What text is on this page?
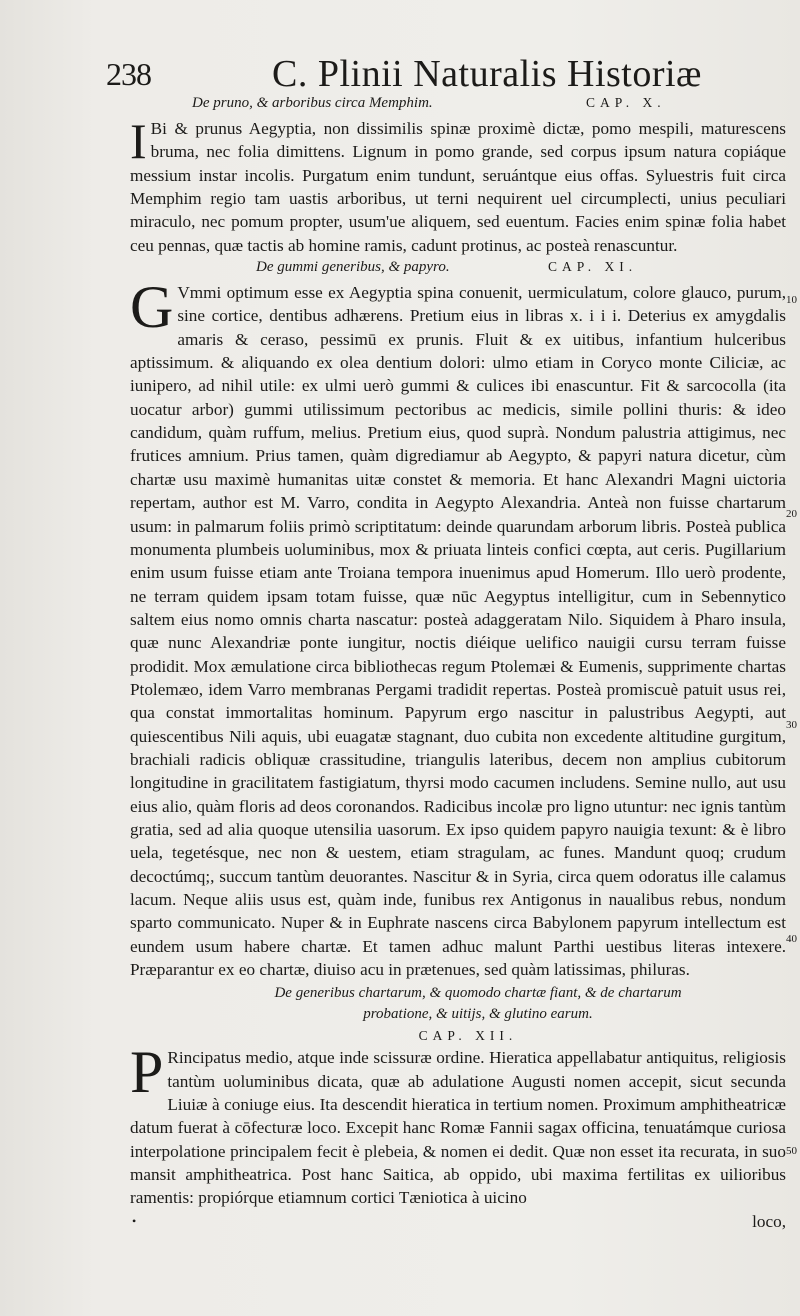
238	C. Plinii Naturalis Historiæ
De pruno, & arboribus circa Memphim.	CAP. X.
I Bi & prunus Aegyptia, non dissimilis spinæ proximè dictæ, pomo mespili, maturescens bruma, nec folia dimittens. Lignum in pomo grande, sed corpus ipsum natura copiáque messium instar incolis. Purgatum enim tundunt, seruántque eius offas. Syluestris fuit circa Memphim regio tam uastis arboribus, ut terni nequirent uel circumplecti, unius peculiari miraculo, nec pomum propter, usum'ue aliquem, sed euentum. Facies enim spinæ folia habet ceu pennas, quæ tactis ab homine ramis, cadunt protinus, ac posteà renascuntur.

De gummi generibus, & papyro.	CAP. XI.
G Vmmi optimum esse ex Aegyptia spina conuenit, uermiculatum, colore glauco, purum, sine cortice, dentibus adhærens. Pretium eius in libras x. i i i. Deterius ex amygdalis amaris & ceraso, pessimū ex prunis. Fluit & ex uitibus, infantium hulceribus aptissimum. & aliquando ex olea dentium dolori: ulmo etiam in Coryco monte Ciliciæ, ac iunipero, ad nihil utile: ex ulmi uerò gummi & culices ibi enascuntur. Fit & sarcocolla (ita uocatur arbor) gummi utilissimum pectoribus ac medicis, simile pollini thuris: & ideo candidum, quàm ruffum, melius. Pretium eius, quod suprà. Nondum palustria attigimus, nec frutices amnium. Prius tamen, quàm digrediamur ab Aegypto, & papyri natura dicetur, cùm chartæ usu maximè humanitas uitæ constet & memoria. Et hanc Alexandri Magni uictoria repertam, author est M. Varro, condita in Aegypto Alexandria. Anteà non fuisse chartarum usum: in palmarum foliis primò scriptitatum: deinde quarundam arborum libris. Posteà publica monumenta plumbeis uoluminibus, mox & priuata linteis confici cœpta, aut ceris. Pugillarium enim usum fuisse etiam ante Troiana tempora inuenimus apud Homerum. Illo uerò prodente, ne terram quidem ipsam totam fuisse, quæ nūc Aegyptus intelligitur, cum in Sebennytico saltem eius nomo omnis charta nascatur: posteà adaggeratam Nilo. Siquidem à Pharo insula, quæ nunc Alexandriæ ponte iungitur, noctis diéique uelifico nauigii cursu terram fuisse prodidit. Mox æmulatione circa bibliothecas regum Ptolemæi & Eumenis, supprimente chartas Ptolemæo, idem Varro membranas Pergami tradidit repertas. Posteà promiscuè patuit usus rei, qua constat immortalitas hominum. Papyrum ergo nascitur in palustribus Aegypti, aut quiescentibus Nili aquis, ubi euagatæ stagnant, duo cubita non excedente altitudine gurgitum, brachiali radicis obliquæ crassitudine, triangulis lateribus, decem non amplius cubitorum longitudine in gracilitatem fastigiatum, thyrsi modo cacumen includens. Semine nullo, aut usu eius alio, quàm floris ad deos coronandos. Radicibus incolæ pro ligno utuntur: nec ignis tantùm gratia, sed ad alia quoque utensilia uasorum. Ex ipso quidem papyro nauigia texunt: & è libro uela, tegetésque, nec non & uestem, etiam stragulam, ac funes. Mandunt quoq; crudum decoctúmq;, succum tantùm deuorantes. Nascitur & in Syria, circa quem odoratus ille calamus lacum. Neque aliis usus est, quàm inde, funibus rex Antigonus in naualibus rebus, nondum sparto communicato. Nuper & in Euphrate nascens circa Babylonem papyrum intellectum est eundem usum habere chartæ. Et tamen adhuc malunt Parthi uestibus literas intexere. Præparantur ex eo chartæ, diuiso acu in prætenues, sed quàm latissimas, philuras.

De generibus chartarum, & quomodo chartæ fiant, & de chartarum
probatione, & uitijs, & glutino earum.
CAP. XII.
P Rincipatus medio, atque inde scissuræ ordine. Hieratica appellabatur antiquitus, religiosis tantùm uoluminibus dicata, quæ ab adulatione Augusti nomen accepit, sicut secunda Liuiæ à coniuge eius. Ita descendit hieratica in tertium nomen. Proximum amphitheatricæ datum fuerat à cōfecturæ loco. Excepit hanc Romæ Fannii sagax officina, tenuatámque curiosa interpolatione principalem fecit è plebeia, & nomen ei dedit. Quæ non esset ita recurata, in suo mansit amphitheatrica. Post hanc Saitica, ab oppido, ubi maxima fertilitas ex uilioribus ramentis: propiórque etiamnum cortici Tæniotica à uicino

•	loco,
10
20
30
40
50
